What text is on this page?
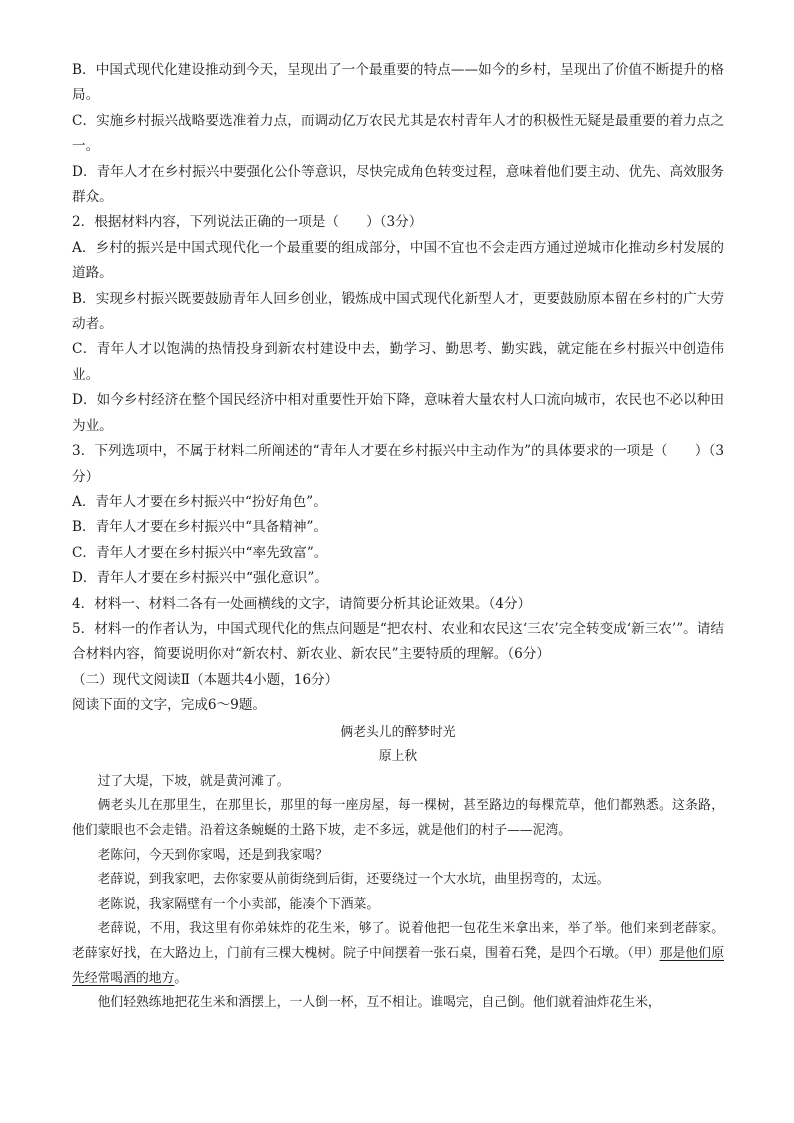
B．中国式现代化建设推动到今天，呈现出了一个最重要的特点——如今的乡村，呈现出了价值不断提升的格局。

C．实施乡村振兴战略要选准着力点，而调动亿万农民尤其是农村青年人才的积极性无疑是最重要的着力点之一。

D．青年人才在乡村振兴中要强化公仆等意识，尽快完成角色转变过程，意味着他们要主动、优先、高效服务群众。

2．根据材料内容，下列说法正确的一项是（　　）（3分）

A．乡村的振兴是中国式现代化一个最重要的组成部分，中国不宜也不会走西方通过逆城市化推动乡村发展的道路。

B．实现乡村振兴既要鼓励青年人回乡创业，锻炼成中国式现代化新型人才，更要鼓励原本留在乡村的广大劳动者。

C．青年人才以饱满的热情投身到新农村建设中去，勤学习、勤思考、勤实践，就定能在乡村振兴中创造伟业。

D．如今乡村经济在整个国民经济中相对重要性开始下降，意味着大量农村人口流向城市，农民也不必以种田为业。

3．下列选项中，不属于材料二所阐述的“青年人才要在乡村振兴中主动作为”的具体要求的一项是（　　）（3分）

A．青年人才要在乡村振兴中“扮好角色”。

B．青年人才要在乡村振兴中“具备精神”。

C．青年人才要在乡村振兴中“率先致富”。

D．青年人才要在乡村振兴中“强化意识”。

4．材料一、材料二各有一处画横线的文字，请简要分析其论证效果。（4分）

5．材料一的作者认为，中国式现代化的焦点问题是“把农村、农业和农民这‘三农’完全转变成‘新三农’”。请结合材料内容，简要说明你对“新农村、新农业、新农民”主要特质的理解。（6分）

（二）现代文阅读Ⅱ（本题共4小题，16分）

阅读下面的文字，完成6～9题。

俩老头儿的醉梦时光

原上秋

过了大堤，下坡，就是黄河滩了。

俩老头儿在那里生，在那里长，那里的每一座房屋，每一棵树，甚至路边的每棵荒草，他们都熟悉。这条路，他们蒙眼也不会走错。沿着这条蜿蜒的土路下坡，走不多远，就是他们的村子——泥湾。

老陈问，今天到你家喝，还是到我家喝？

老薛说，到我家吧，去你家要从前街绕到后街，还要绕过一个大水坑，曲里拐弯的，太远。

老陈说，我家隔壁有一个小卖部，能凑个下酒菜。

老薛说，不用，我这里有你弟妹炸的花生米，够了。说着他把一包花生米拿出来，举了举。他们来到老薛家。老薛家好找，在大路边上，门前有三棵大槐树。院子中间摆着一张石桌，围着石凳，是四个石墩。（甲）那是他们原先经常喝酒的地方。

他们轻熟练地把花生米和酒摆上，一人倒一杯，互不相让。谁喝完，自己倒。他们就着油炸花生米，
